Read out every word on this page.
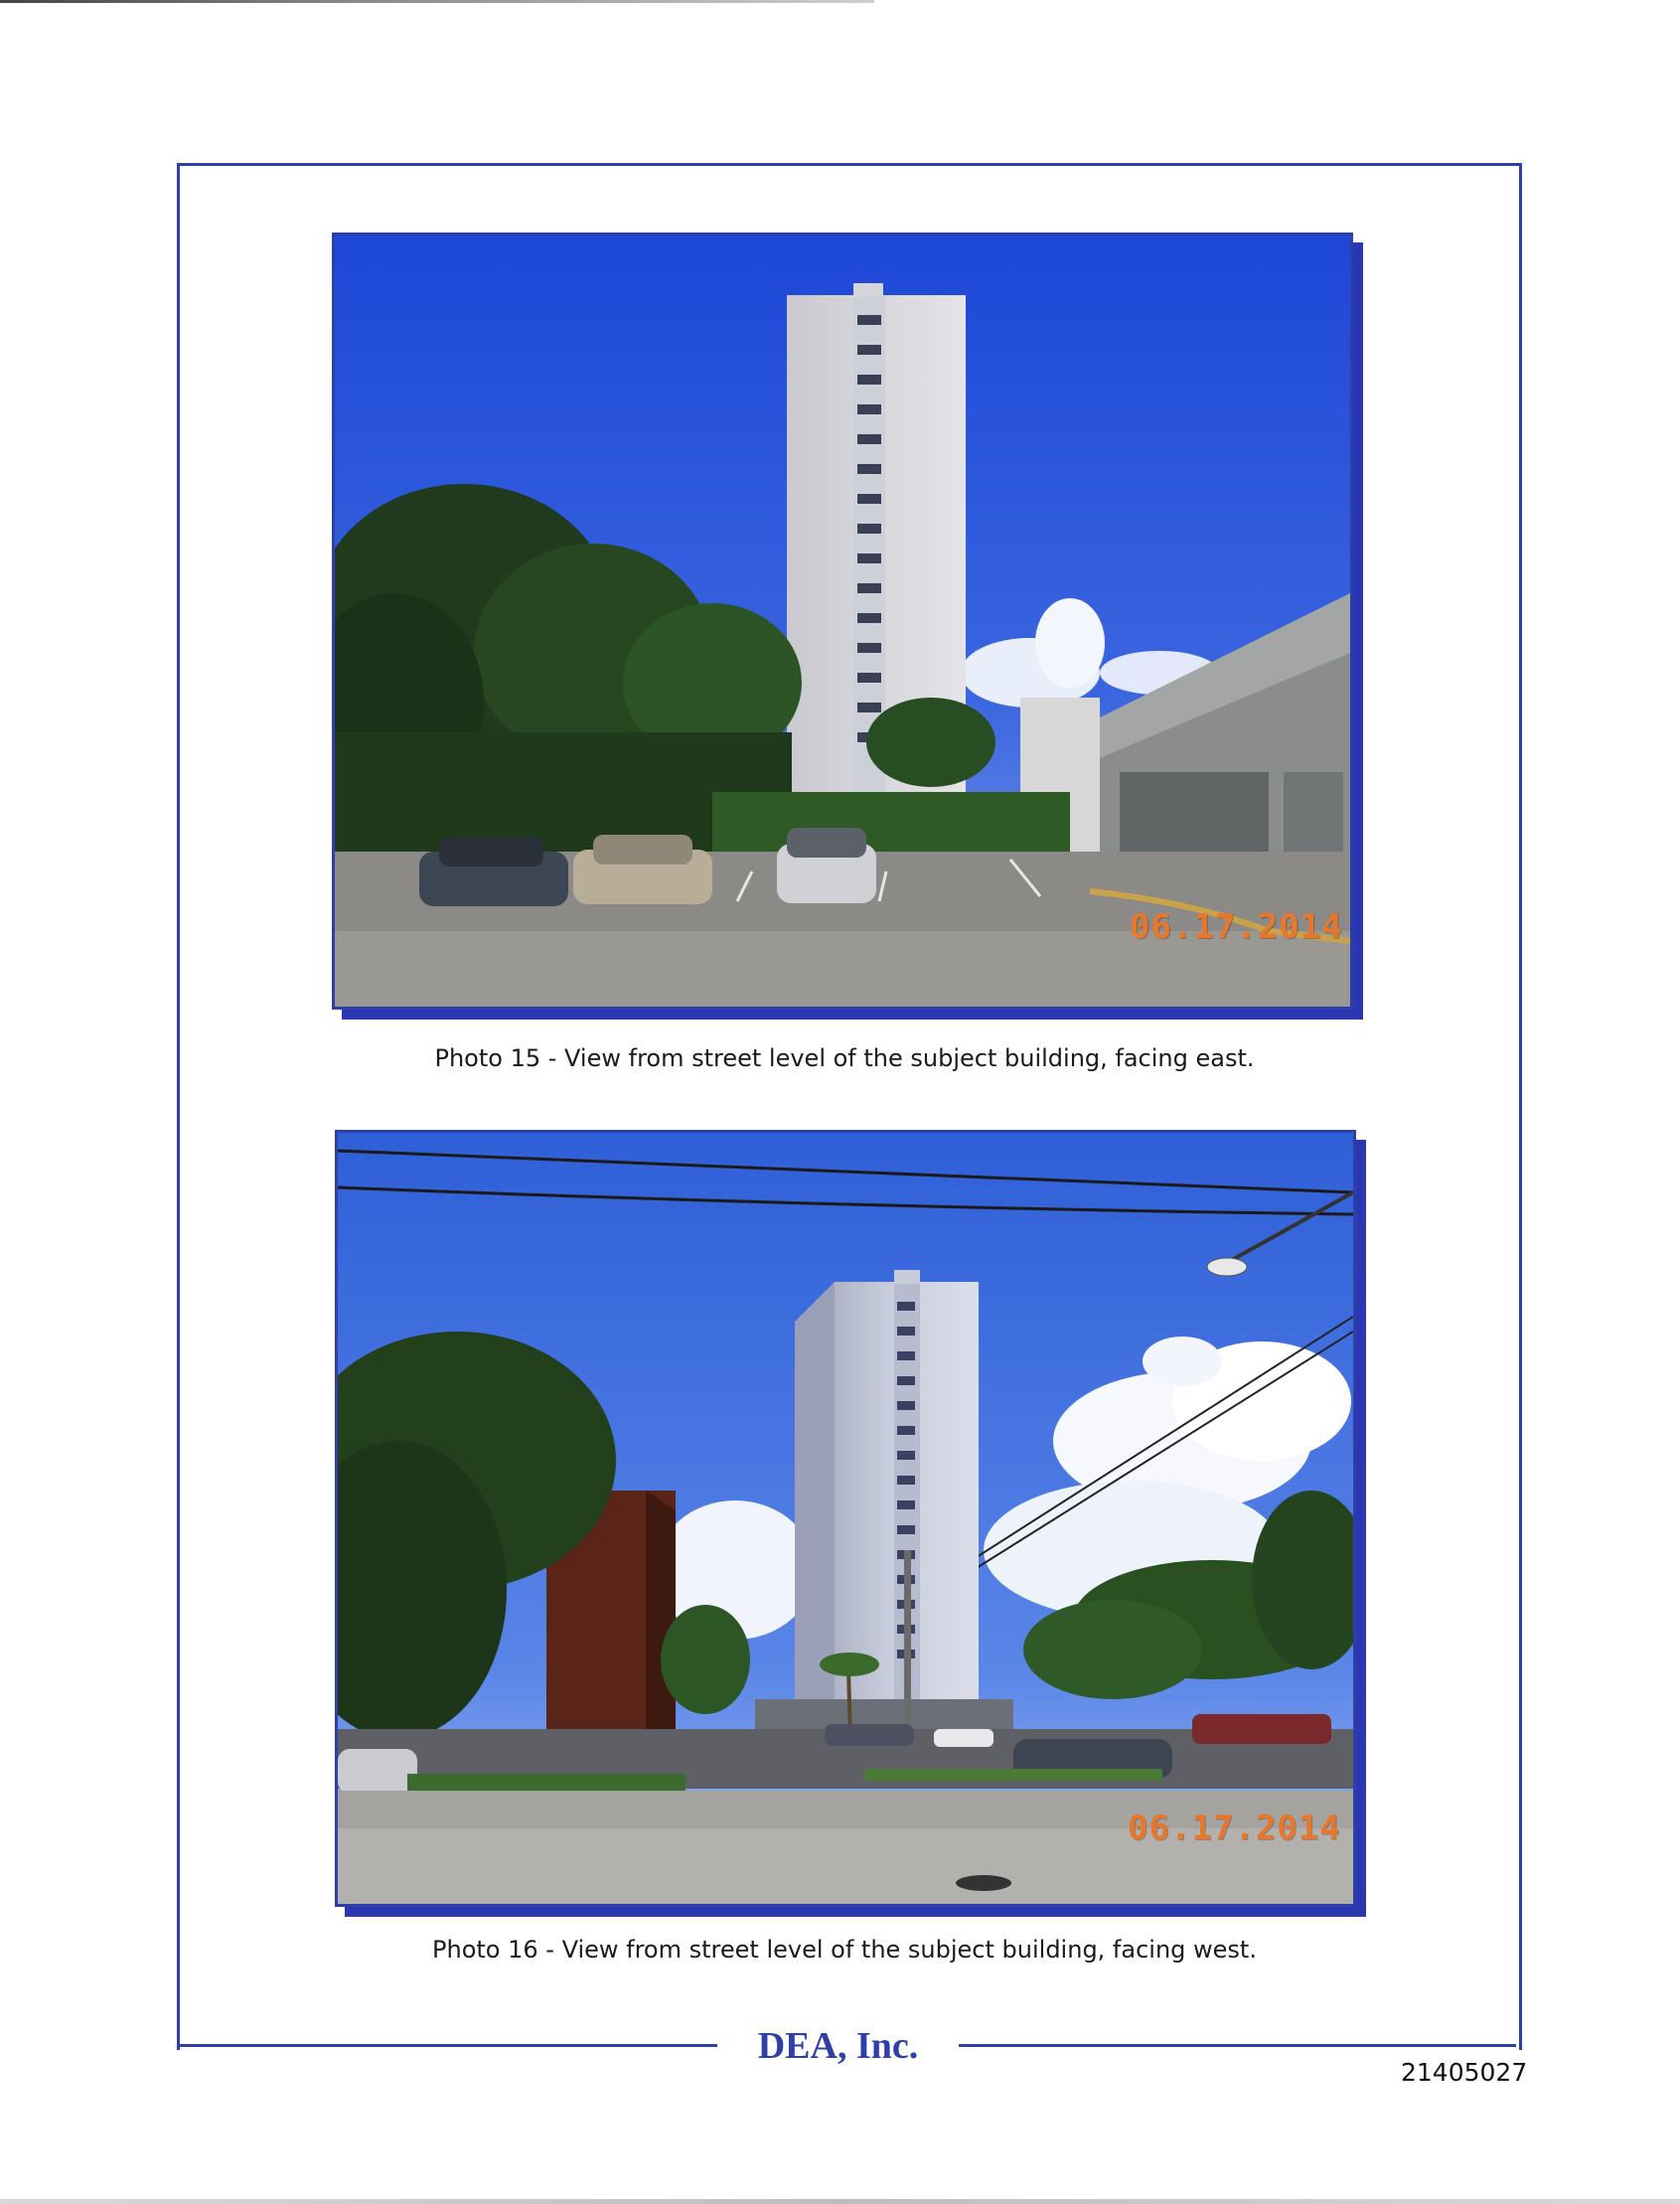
06.17.2014
Photo 15 - View from street level of the subject building, facing east.
06.17.2014
Photo 16 - View from street level of the subject building, facing west.
DEA, Inc.
21405027
